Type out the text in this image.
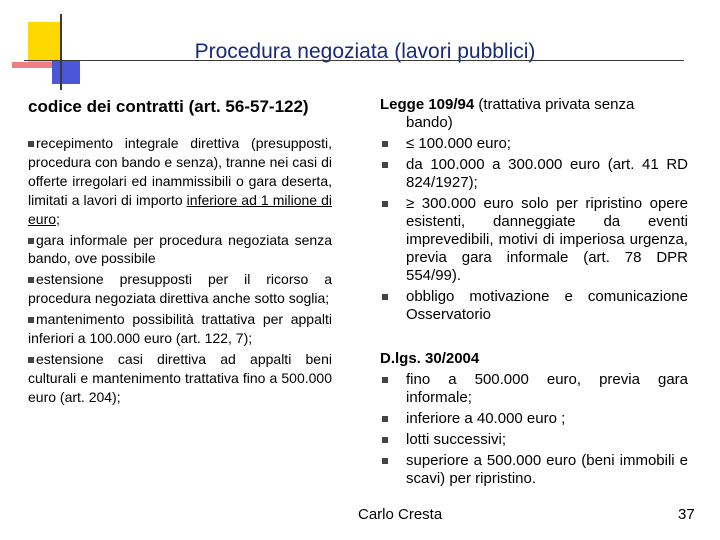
Procedura negoziata (lavori pubblici)
codice dei contratti (art. 56-57-122)
recepimento integrale direttiva (presupposti, procedura con bando e senza), tranne nei casi di offerte irregolari ed inammissibili o gara deserta, limitati a lavori di importo inferiore ad 1 milione di euro;
gara informale per procedura negoziata senza bando, ove possibile
estensione presupposti per il ricorso a procedura negoziata direttiva anche sotto soglia;
mantenimento possibilità trattativa per appalti inferiori a 100.000 euro (art. 122, 7);
estensione casi direttiva ad appalti beni culturali e mantenimento trattativa fino a 500.000 euro (art. 204);
Legge 109/94 (trattativa privata senza
bando)
≤ 100.000 euro;
da 100.000 a 300.000 euro (art. 41 RD 824/1927);
≥ 300.000 euro solo per ripristino opere esistenti, danneggiate da eventi imprevedibili, motivi di imperiosa urgenza, previa gara informale (art. 78 DPR 554/99).
obbligo motivazione e comunicazione Osservatorio
D.lgs. 30/2004
fino a 500.000 euro, previa gara informale;
inferiore a 40.000 euro ;
lotti successivi;
superiore a 500.000 euro (beni immobili e scavi) per ripristino.
Carlo Cresta	37
